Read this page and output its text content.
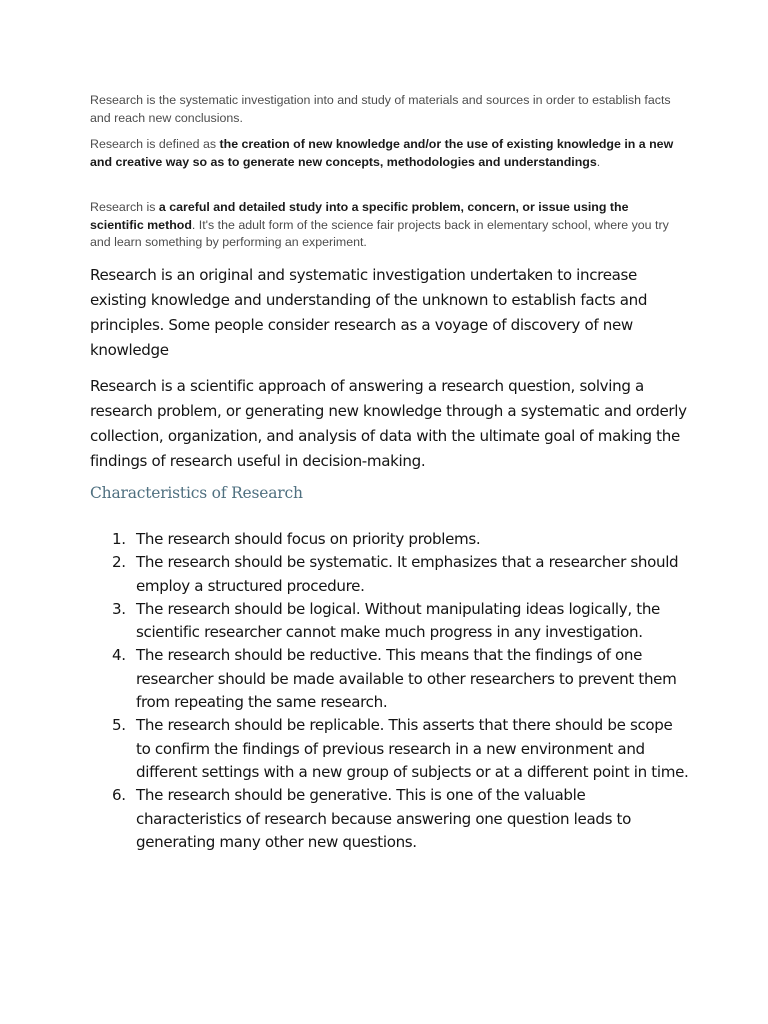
Research is the systematic investigation into and study of materials and sources in order to establish facts and reach new conclusions.

Research is defined as the creation of new knowledge and/or the use of existing knowledge in a new and creative way so as to generate new concepts, methodologies and understandings.

Research is a careful and detailed study into a specific problem, concern, or issue using the scientific method. It's the adult form of the science fair projects back in elementary school, where you try and learn something by performing an experiment.

Research is an original and systematic investigation undertaken to increase existing knowledge and understanding of the unknown to establish facts and principles. Some people consider research as a voyage of discovery of new knowledge

Research is a scientific approach of answering a research question, solving a research problem, or generating new knowledge through a systematic and orderly collection, organization, and analysis of data with the ultimate goal of making the findings of research useful in decision-making.

Characteristics of Research
1. The research should focus on priority problems.
2. The research should be systematic. It emphasizes that a researcher should employ a structured procedure.
3. The research should be logical. Without manipulating ideas logically, the scientific researcher cannot make much progress in any investigation.
4. The research should be reductive. This means that the findings of one researcher should be made available to other researchers to prevent them from repeating the same research.
5. The research should be replicable. This asserts that there should be scope to confirm the findings of previous research in a new environment and different settings with a new group of subjects or at a different point in time.
6. The research should be generative. This is one of the valuable characteristics of research because answering one question leads to generating many other new questions.
